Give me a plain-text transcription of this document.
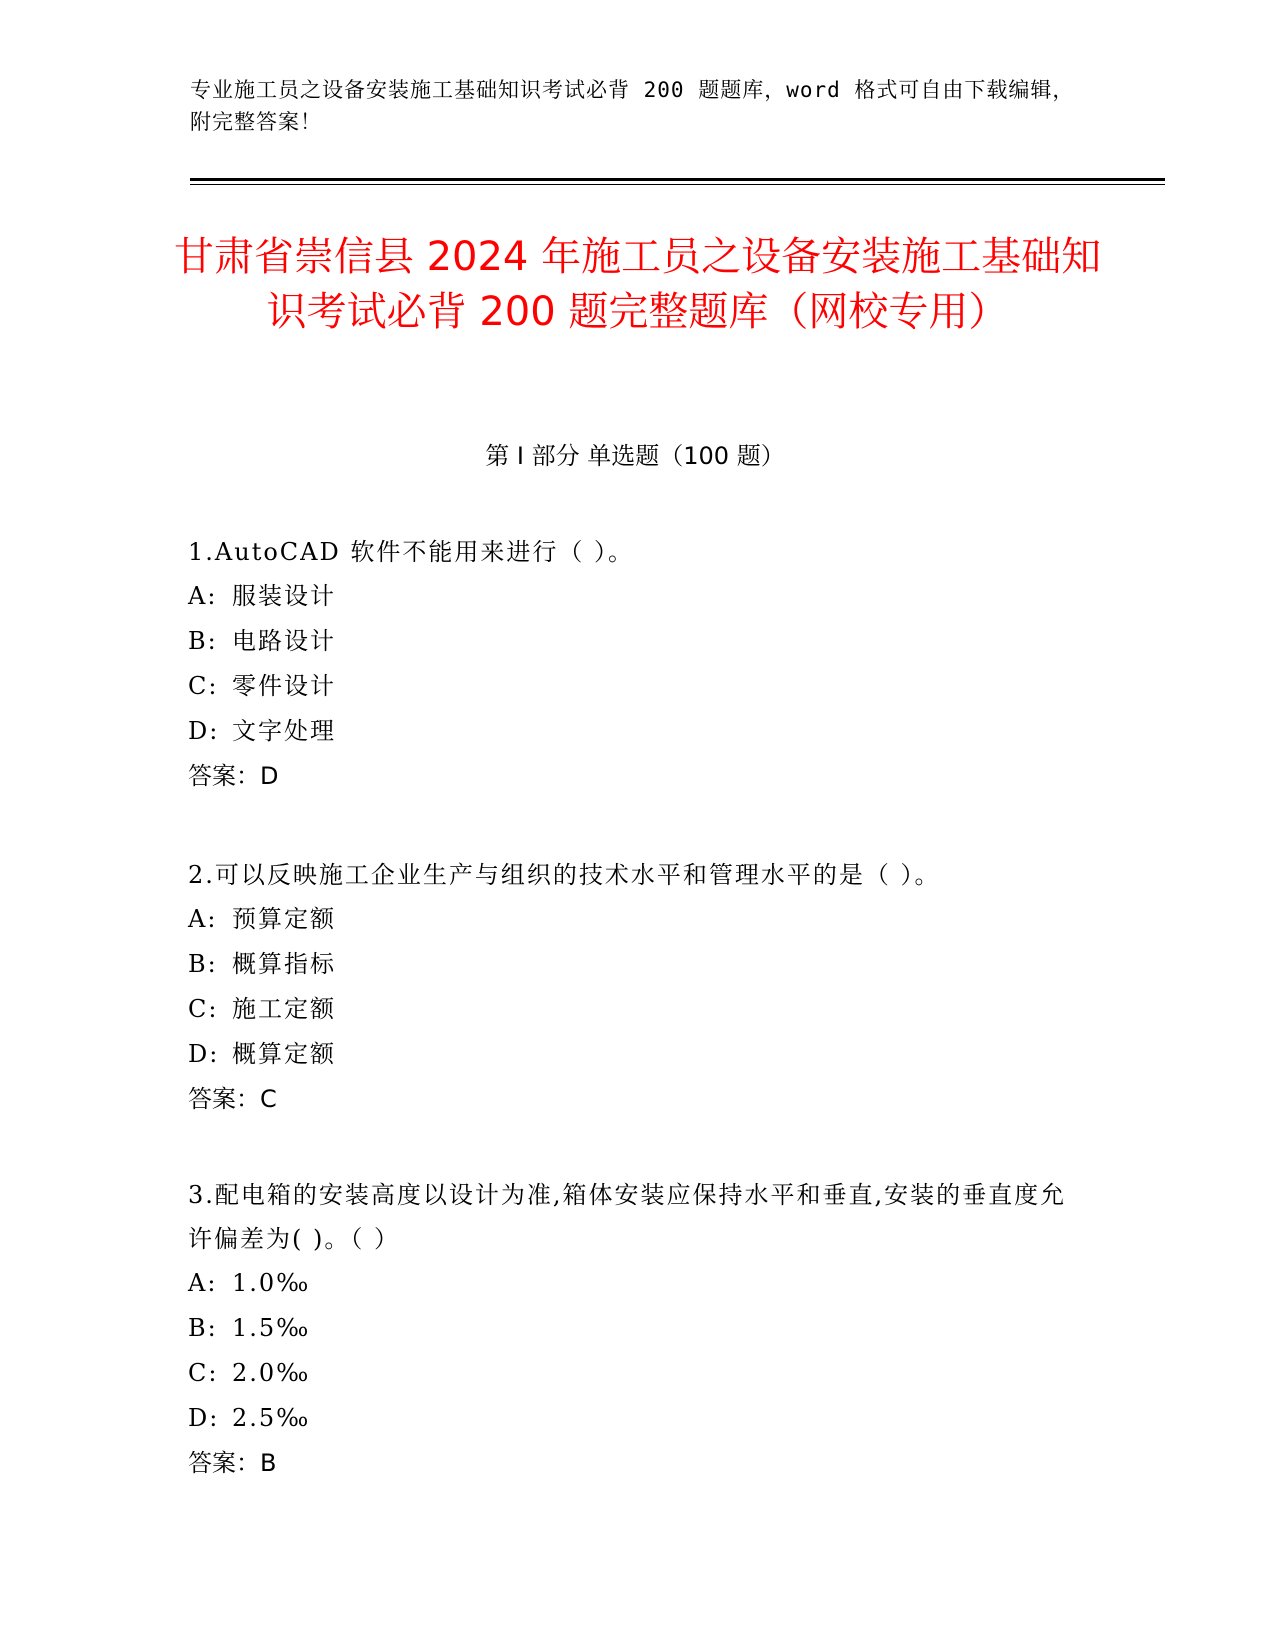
专业施工员之设备安装施工基础知识考试必背 200 题题库，word 格式可自由下载编辑，附完整答案！
甘肃省崇信县 2024 年施工员之设备安装施工基础知识考试必背 200 题完整题库（网校专用）
第 I 部分 单选题（100 题）
1.AutoCAD 软件不能用来进行（ ）。
A: 服装设计
B: 电路设计
C: 零件设计
D: 文字处理
答案：D
2.可以反映施工企业生产与组织的技术水平和管理水平的是（ ）。
A: 预算定额
B: 概算指标
C: 施工定额
D: 概算定额
答案：C
3.配电箱的安装高度以设计为准,箱体安装应保持水平和垂直,安装的垂直度允许偏差为( )。（ ）
A: 1.0‰
B: 1.5‰
C: 2.0‰
D: 2.5‰
答案：B
